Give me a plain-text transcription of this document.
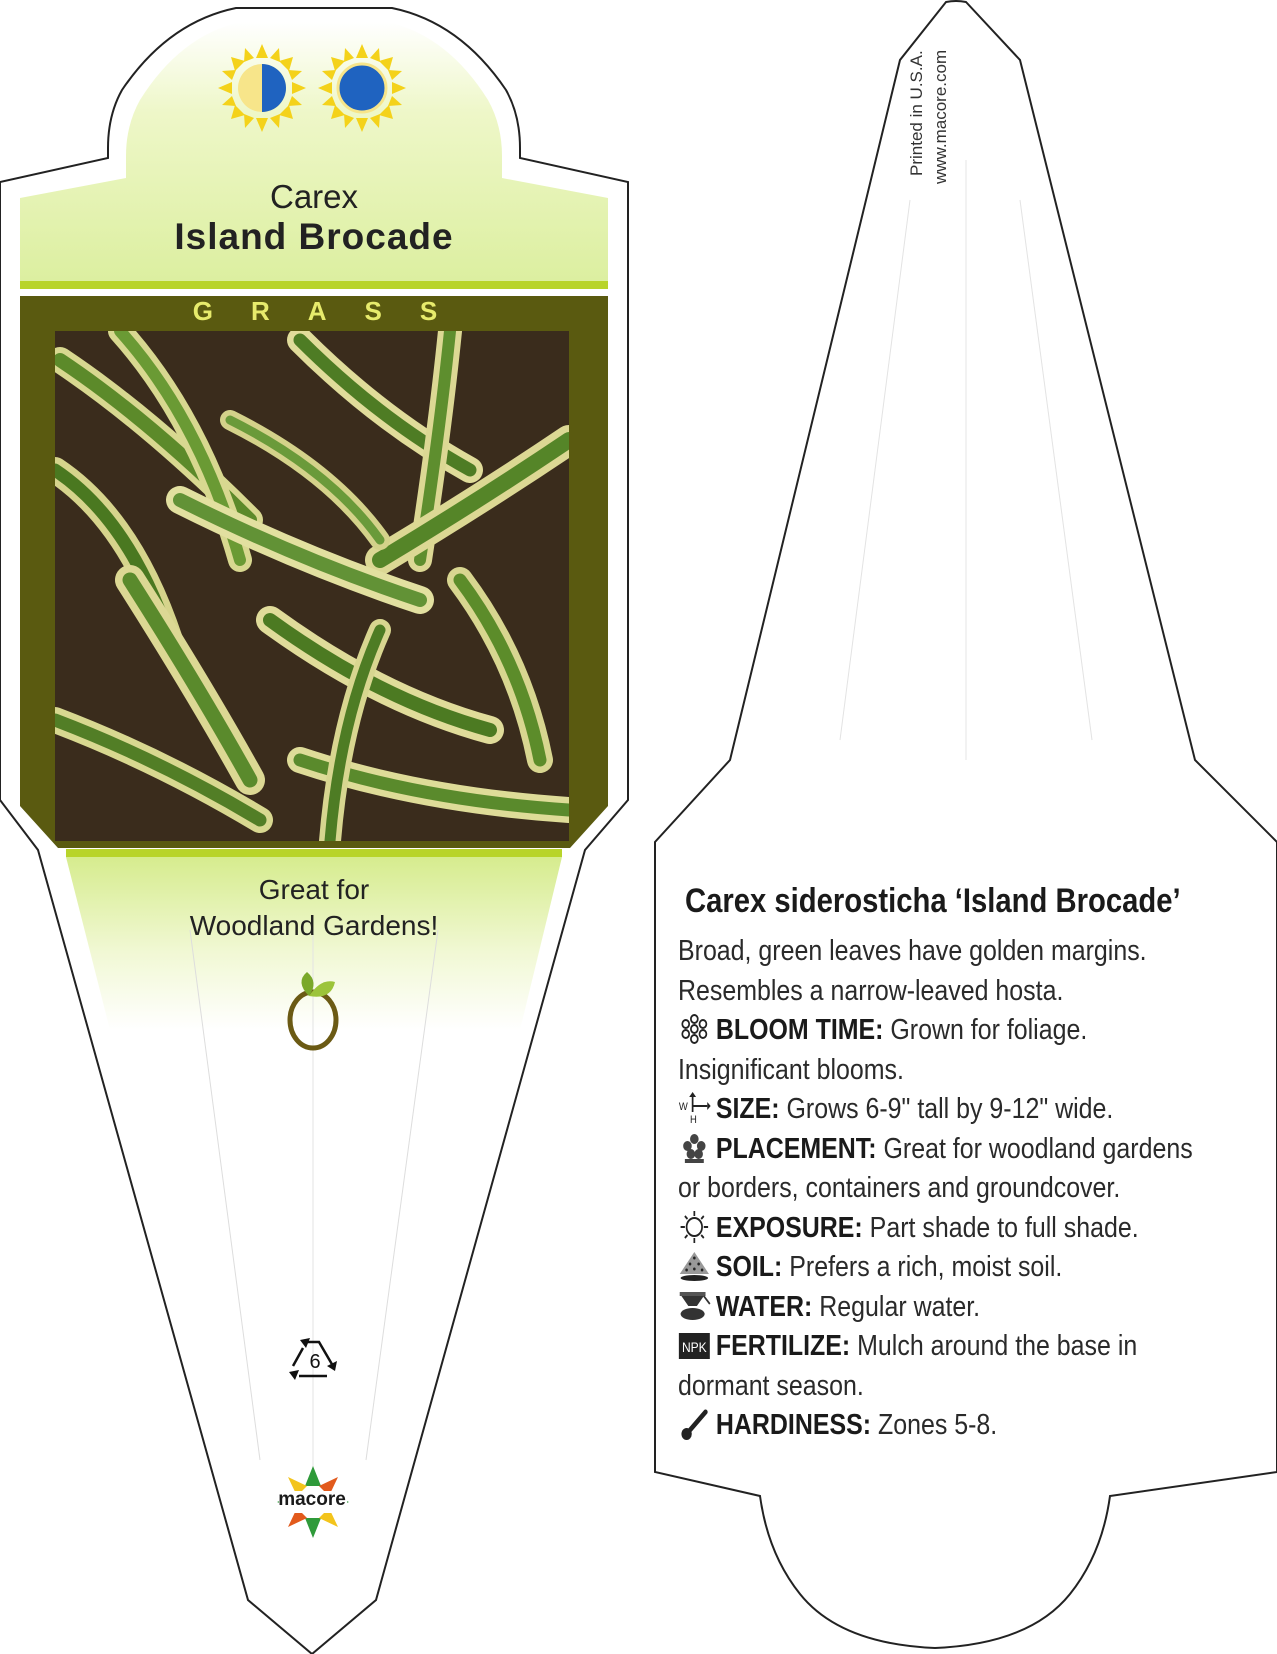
Carex
Island Brocade
GRASS
Great for
Woodland Gardens!
6
macore
Printed in U.S.A. www.macore.com
Carex siderosticha ‘Island Brocade’

Broad, green leaves have golden margins. Resembles a narrow-leaved hosta.

BLOOM TIME: Grown for foliage. Insignificant blooms.

W
H SIZE: Grows 6-9" tall by 9-12" wide.

PLACEMENT: Great for woodland gardens or borders, containers and groundcover.

EXPOSURE: Part shade to full shade.

SOIL: Prefers a rich, moist soil.

WATER: Regular water.

NPK FERTILIZE: Mulch around the base in dormant season.

HARDINESS: Zones 5-8.
